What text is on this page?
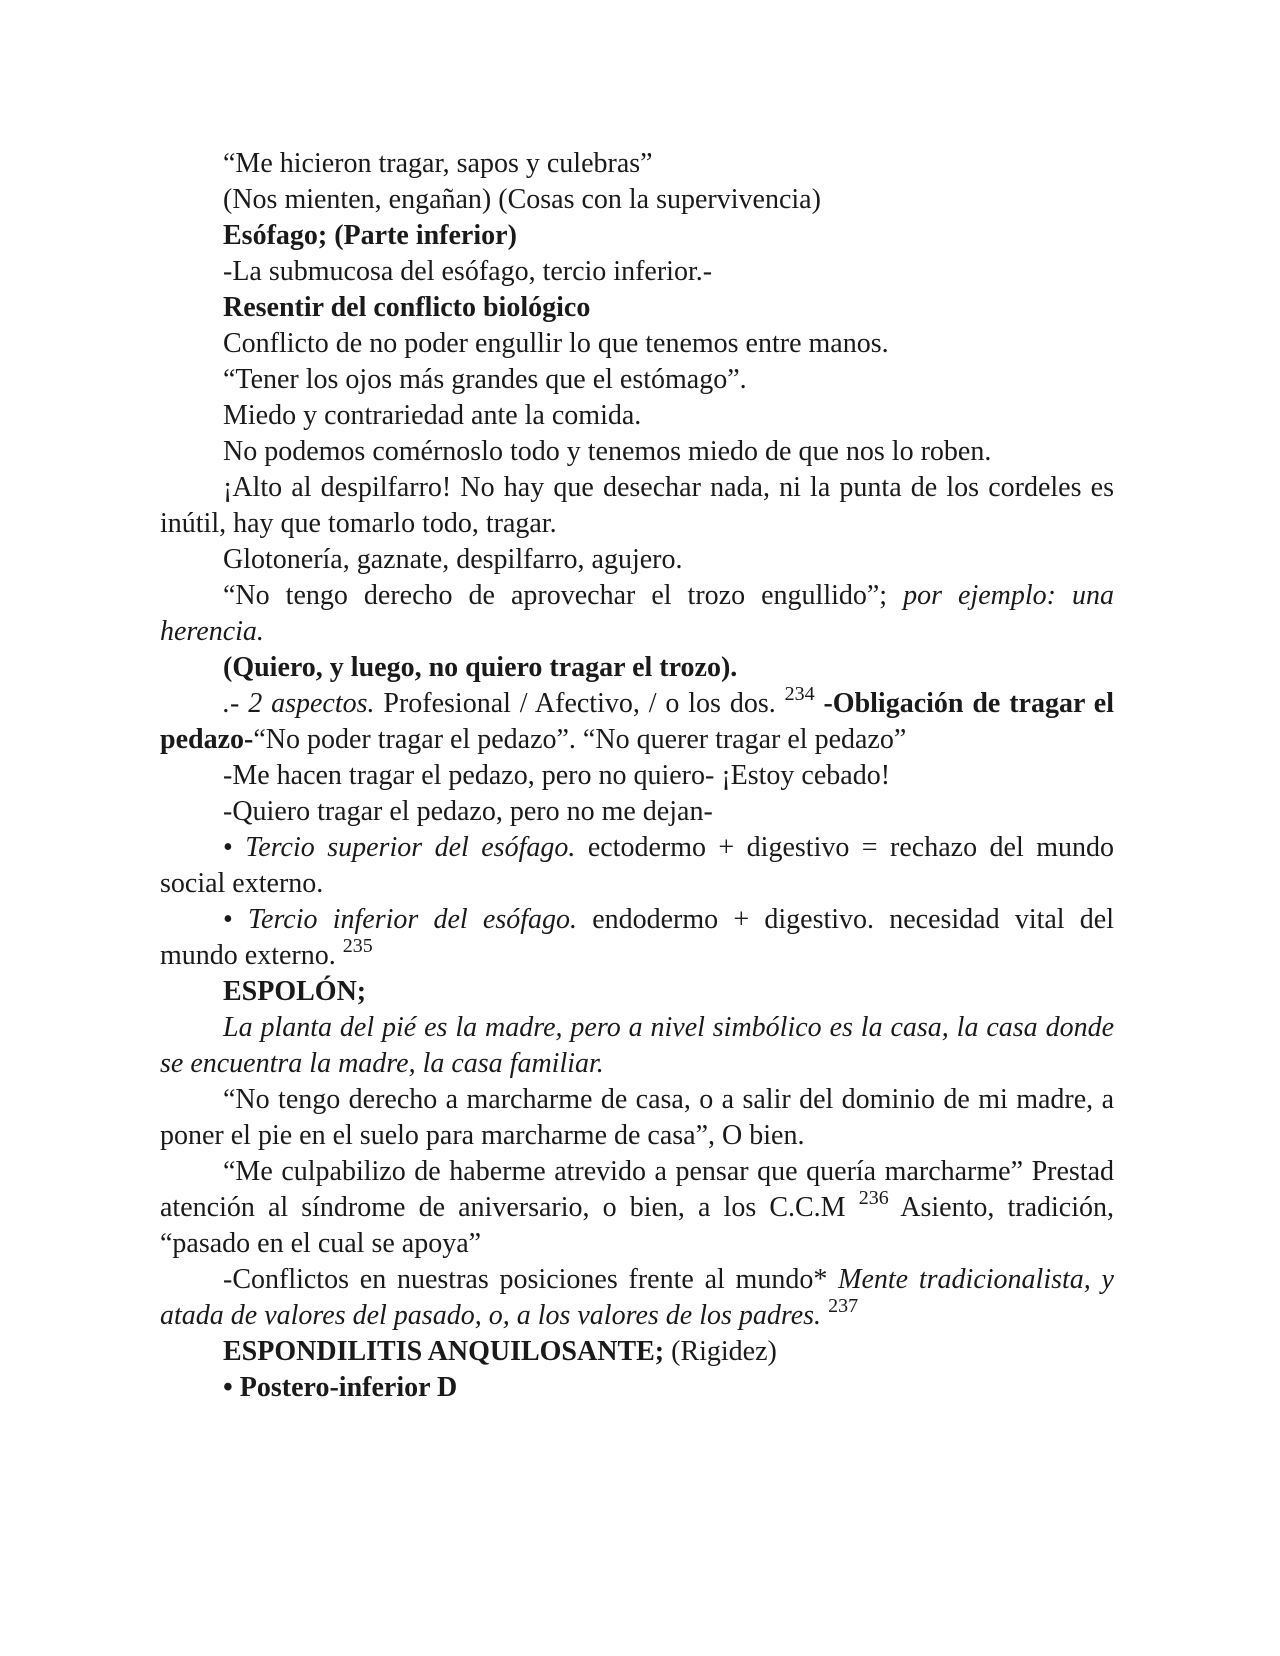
“Me hicieron tragar, sapos y culebras”

(Nos mienten, engañan) (Cosas con la supervivencia)

Esófago; (Parte inferior)

-La submucosa del esófago, tercio inferior.-

Resentir del conflicto biológico

Conflicto de no poder engullir lo que tenemos entre manos.

“Tener los ojos más grandes que el estómago”.

Miedo y contrariedad ante la comida.

No podemos comérnoslo todo y tenemos miedo de que nos lo roben.

¡Alto al despilfarro! No hay que desechar nada, ni la punta de los cordeles es inútil, hay que tomarlo todo, tragar.

Glotonería, gaznate, despilfarro, agujero.

“No tengo derecho de aprovechar el trozo engullido”; por ejemplo: una herencia.

(Quiero, y luego, no quiero tragar el trozo).

.- 2 aspectos. Profesional / Afectivo, / o los dos. $^{234}$ -Obligación de tragar el pedazo-“No poder tragar el pedazo”. “No querer tragar el pedazo”

-Me hacen tragar el pedazo, pero no quiero- ¡Estoy cebado!

-Quiero tragar el pedazo, pero no me dejan-

• Tercio superior del esófago. ectodermo + digestivo = rechazo del mundo social externo.

• Tercio inferior del esófago. endodermo + digestivo. necesidad vital del mundo externo. $^{235}$

ESPOLÓN;

La planta del pié es la madre, pero a nivel simbólico es la casa, la casa donde se encuentra la madre, la casa familiar.

“No tengo derecho a marcharme de casa, o a salir del dominio de mi madre, a poner el pie en el suelo para marcharme de casa”, O bien.

“Me culpabilizo de haberme atrevido a pensar que quería marcharme” Prestad atención al síndrome de aniversario, o bien, a los C.C.M $^{236}$ Asiento, tradición, “pasado en el cual se apoya”

-Conflictos en nuestras posiciones frente al mundo* Mente tradicionalista, y atada de valores del pasado, o, a los valores de los padres. $^{237}$

ESPONDILITIS ANQUILOSANTE; (Rigidez)

• Postero-inferior D
